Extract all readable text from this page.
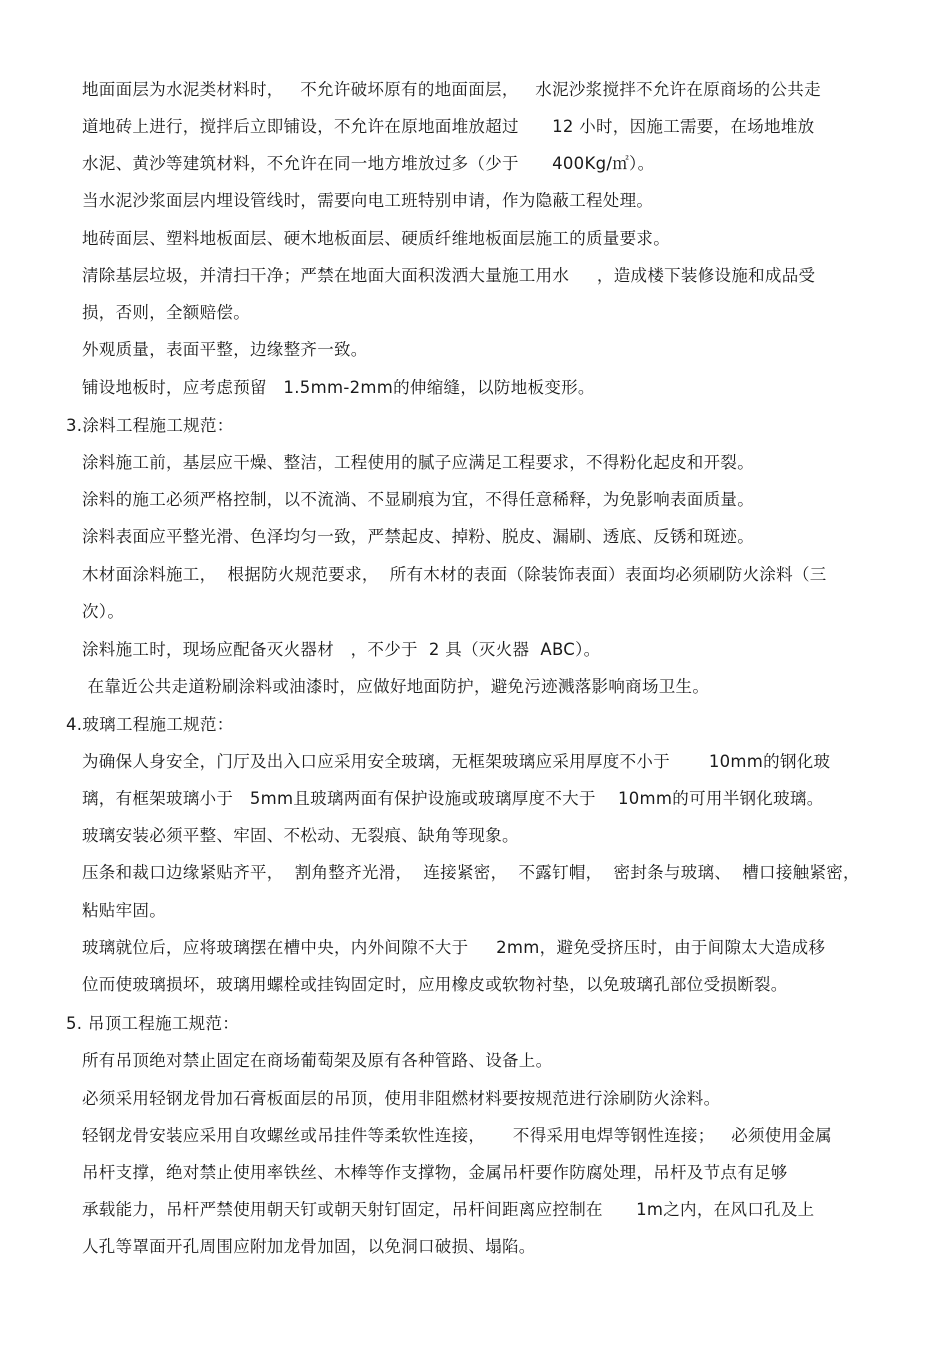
地面面层为水泥类材料时，   不允许破坏原有的地面面层，   水泥沙浆搅拌不允许在原商场的公共走
道地砖上进行，搅拌后立即铺设，不允许在原地面堆放超过      12 小时，因施工需要，在场地堆放
水泥、黄沙等建筑材料，不允许在同一地方堆放过多（少于      400Kg/㎡）。
当水泥沙浆面层内埋设管线时，需要向电工班特别申请，作为隐蔽工程处理。
地砖面层、塑料地板面层、硬木地板面层、硬质纤维地板面层施工的质量要求。
清除基层垃圾，并清扫干净；严禁在地面大面积泼洒大量施工用水     ，造成楼下装修设施和成品受
损，否则，全额赔偿。
外观质量，表面平整，边缘整齐一致。
铺设地板时，应考虑预留   1.5mm-2mm的伸缩缝，以防地板变形。
3.涂料工程施工规范：
涂料施工前，基层应干燥、整洁，工程使用的腻子应满足工程要求，不得粉化起皮和开裂。
涂料的施工必须严格控制，以不流淌、不显刷痕为宜，不得任意稀释，为免影响表面质量。
涂料表面应平整光滑、色泽均匀一致，严禁起皮、掉粉、脱皮、漏刷、透底、反锈和斑迹。
木材面涂料施工，  根据防火规范要求，  所有木材的表面（除装饰表面）表面均必须刷防火涂料（三
次）。
涂料施工时，现场应配备灭火器材   ，不少于  2 具（灭火器  ABC）。
在靠近公共走道粉刷涂料或油漆时，应做好地面防护，避免污迹溅落影响商场卫生。
4.玻璃工程施工规范：
为确保人身安全，门厅及出入口应采用安全玻璃，无框架玻璃应采用厚度不小于       10mm的钢化玻
璃，有框架玻璃小于   5mm且玻璃两面有保护设施或玻璃厚度不大于    10mm的可用半钢化玻璃。
玻璃安装必须平整、牢固、不松动、无裂痕、缺角等现象。
压条和裁口边缘紧贴齐平，  割角整齐光滑，  连接紧密，  不露钉帽，  密封条与玻璃、  槽口接触紧密，
粘贴牢固。
玻璃就位后，应将玻璃摆在槽中央，内外间隙不大于     2mm，避免受挤压时，由于间隙太大造成移
位而使玻璃损坏，玻璃用螺栓或挂钩固定时，应用橡皮或软物衬垫，以免玻璃孔部位受损断裂。
5. 吊顶工程施工规范：
所有吊顶绝对禁止固定在商场葡萄架及原有各种管路、设备上。
必须采用轻钢龙骨加石膏板面层的吊顶，使用非阻燃材料要按规范进行涂刷防火涂料。
轻钢龙骨安装应采用自攻螺丝或吊挂件等柔软性连接，     不得采用电焊等钢性连接；   必须使用金属
吊杆支撑，绝对禁止使用率铁丝、木棒等作支撑物，金属吊杆要作防腐处理，吊杆及节点有足够
承载能力，吊杆严禁使用朝天钉或朝天射钉固定，吊杆间距离应控制在      1m之内，在风口孔及上
人孔等罩面开孔周围应附加龙骨加固，以免洞口破损、塌陷。
